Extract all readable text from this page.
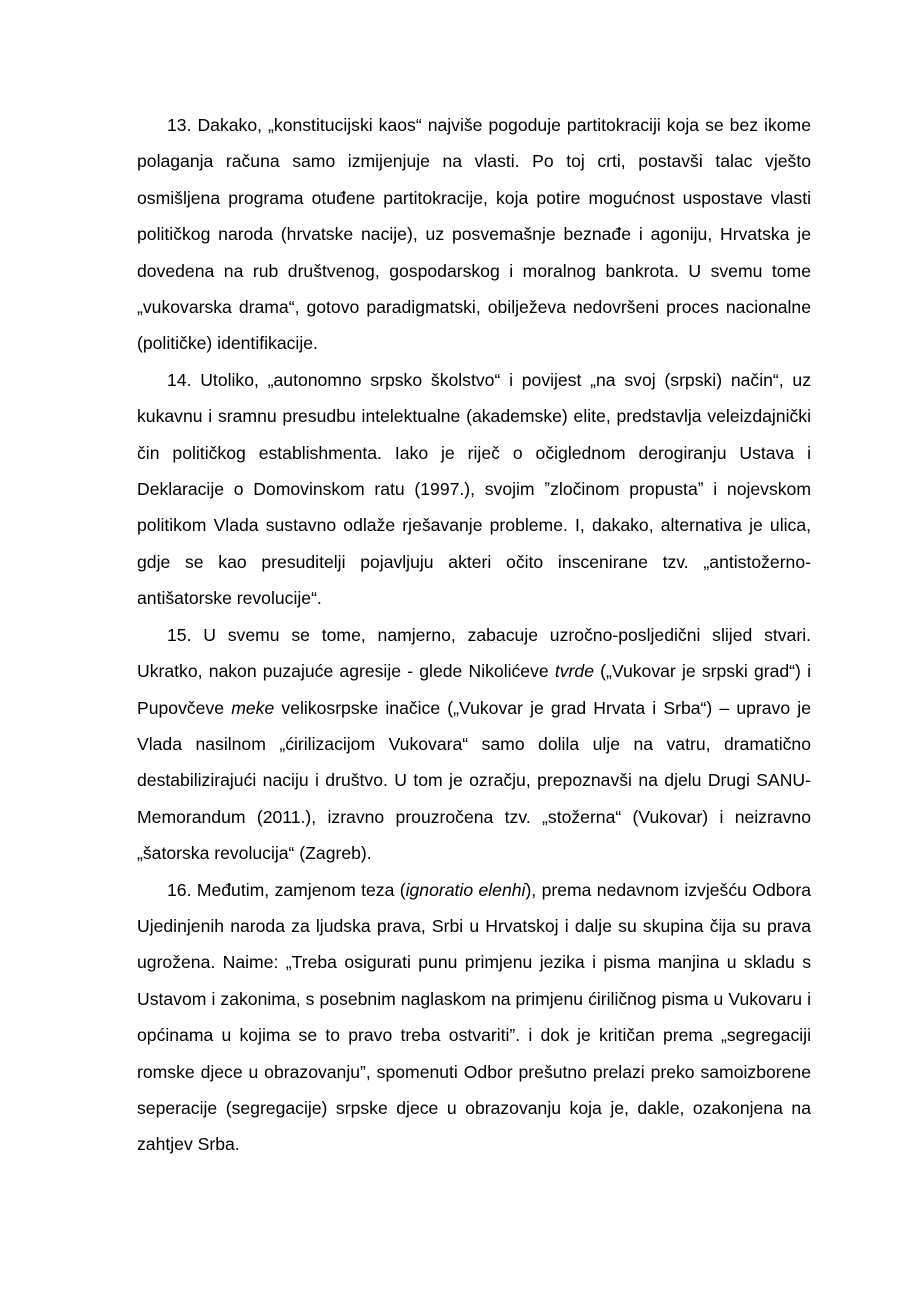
13. Dakako, „konstitucijski kaos“ najviše pogoduje partitokraciji koja se bez ikome polaganja računa samo izmijenjuje na vlasti. Po toj crti, postavši talac vješto osmišljena programa otuđene partitokracije, koja potire mogućnost uspostave vlasti političkog naroda (hrvatske nacije), uz posvemašnje beznađe i agoniju, Hrvatska je dovedena na rub društvenog, gospodarskog i moralnog bankrota. U svemu tome „vukovarska drama“, gotovo paradigmatski, obilježeva nedovršeni proces nacionalne (političke) identifikacije.

14. Utoliko, „autonomno srpsko školstvo“ i povijest „na svoj (srpski) način“, uz kukavnu i sramnu presudbu intelektualne (akademske) elite, predstavlja veleizdajnički čin političkog establishmenta. Iako je riječ o očiglednom derogiranju Ustava i Deklaracije o Domovinskom ratu (1997.), svojim ˮzločinom propustaˮ i nojevskom politikom Vlada sustavno odlaže rješavanje probleme. I, dakako, alternativa je ulica, gdje se kao presuditelji pojavljuju akteri očito inscenirane tzv. „antistožerno-antišatorske revolucije“.

15. U svemu se tome, namjerno, zabacuje uzročno-posljedični slijed stvari. Ukratko, nakon puzajuće agresije - glede Nikolićeve tvrde („Vukovar je srpski grad“) i Pupovčeve meke velikosrpske inačice („Vukovar je grad Hrvata i Srba“) – upravo je Vlada nasilnom „ćirilizacijom Vukovara“ samo dolila ulje na vatru, dramatično destabilizirajući naciju i društvo. U tom je ozračju, prepoznavši na djelu Drugi SANU-Memorandum (2011.), izravno prouzročena tzv. „stožerna“ (Vukovar) i neizravno „šatorska revolucija“ (Zagreb).

16. Međutim, zamjenom teza (ignoratio elenhi), prema nedavnom izvješću Odbora Ujedinjenih naroda za ljudska prava, Srbi u Hrvatskoj i dalje su skupina čija su prava ugrožena. Naime: „Treba osigurati punu primjenu jezika i pisma manjina u skladu s Ustavom i zakonima, s posebnim naglaskom na primjenu ćiriličnog pisma u Vukovaru i općinama u kojima se to pravo treba ostvariti”. i dok je kritičan prema „segregaciji romske djece u obrazovanju”, spomenuti Odbor prešutno prelazi preko samoizborene seperacije (segregacije) srpske djece u obrazovanju koja je, dakle, ozakonjena na zahtjev Srba.
